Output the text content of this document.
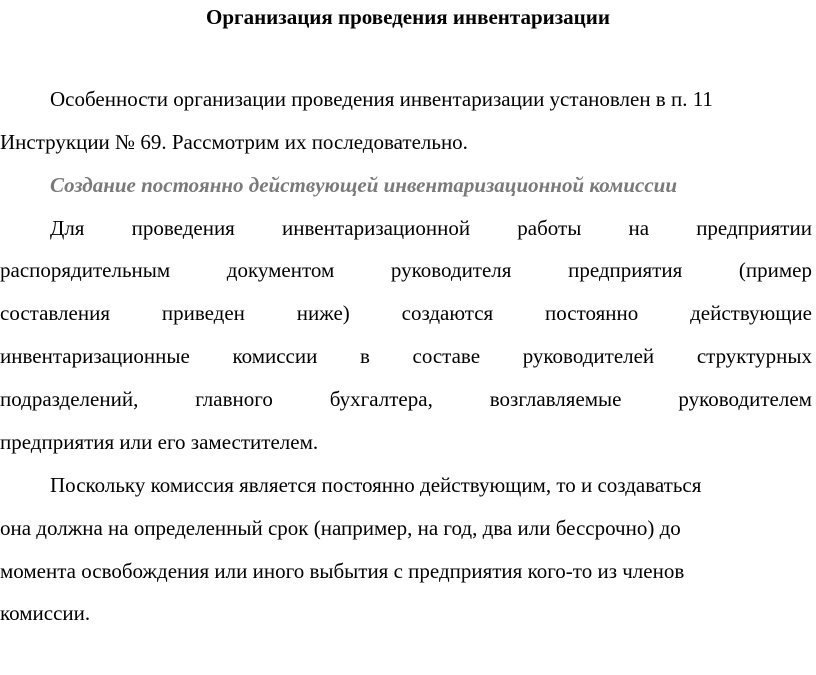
Организация проведения инвентаризации
Особенности организации проведения инвентаризации установлен в п. 11
Инструкции № 69. Рассмотрим их последовательно.
Создание постоянно действующей инвентаризационной комиссии
Для проведения инвентаризационной работы на предприятии
распорядительным	документом	руководителя	предприятия	(пример
составления приведен ниже) создаются постоянно действующие
инвентаризационные комиссии в составе руководителей структурных
подразделений,	главного	бухгалтера,	возглавляемые	руководителем
предприятия или его заместителем.
Поскольку комиссия является постоянно действующим, то и создаваться
она должна на определенный срок (например, на год, два или бессрочно) до
момента освобождения или иного выбытия с предприятия кого-то из членов
комиссии.
